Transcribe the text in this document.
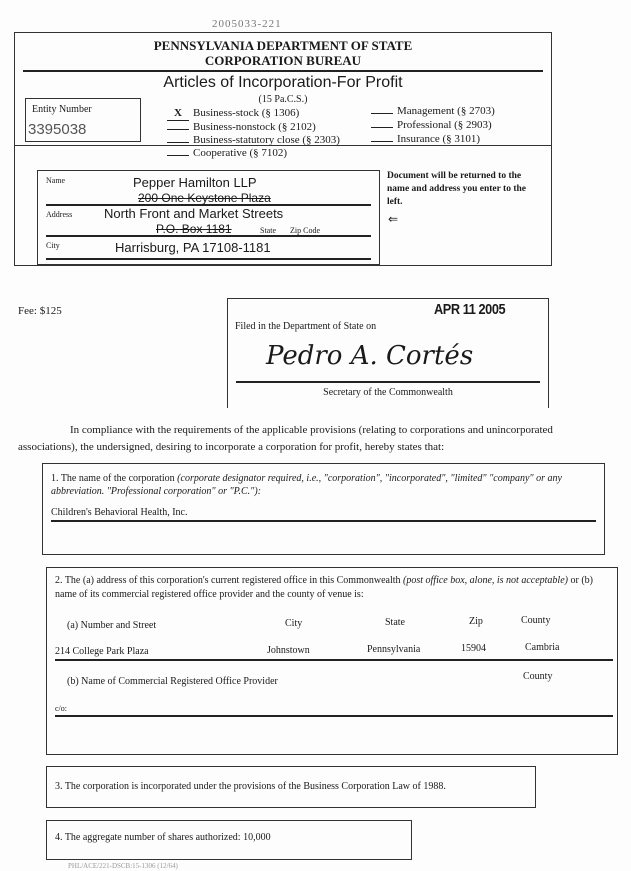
2005033-221
PENNSYLVANIA DEPARTMENT OF STATE
CORPORATION BUREAU
Articles of Incorporation-For Profit
(15 Pa.C.S.)
Entity Number
3395038
X Business-stock (§ 1306)
Business-nonstock (§ 2102)
Business-statutory close (§ 2303)
Cooperative (§ 7102)
Management (§ 2703)
Professional (§ 2903)
Insurance (§ 3101)
Name	Pepper Hamilton LLP
200 One Keystone Plaza
Address North Front and Market Streets
P.O. Box 1181	State Zip Code
City	Harrisburg, PA 17108-1181
Document will be returned to the name and address you enter to the left.
⇐
Fee: $125	APR 11 2005
Filed in the Department of State on
Pedro A. Cortés
Secretary of the Commonwealth
In compliance with the requirements of the applicable provisions (relating to corporations and unincorporated associations), the undersigned, desiring to incorporate a corporation for profit, hereby states that:
1. The name of the corporation (corporate designator required, i.e., "corporation", "incorporated", "limited" "company" or any abbreviation. "Professional corporation" or "P.C."):
Children's Behavioral Health, Inc.
2. The (a) address of this corporation's current registered office in this Commonwealth (post office box, alone, is not acceptable) or (b) name of its commercial registered office provider and the county of venue is:
(a) Number and Street	City	State	Zip	County
214 College Park Plaza	Johnstown	Pennsylvania	15904	Cambria
(b) Name of Commercial Registered Office Provider	County
c/o:
3. The corporation is incorporated under the provisions of the Business Corporation Law of 1988.
4. The aggregate number of shares authorized: 10,000
PHL/ACE/221-DSCB:15-1306 (12/64)
